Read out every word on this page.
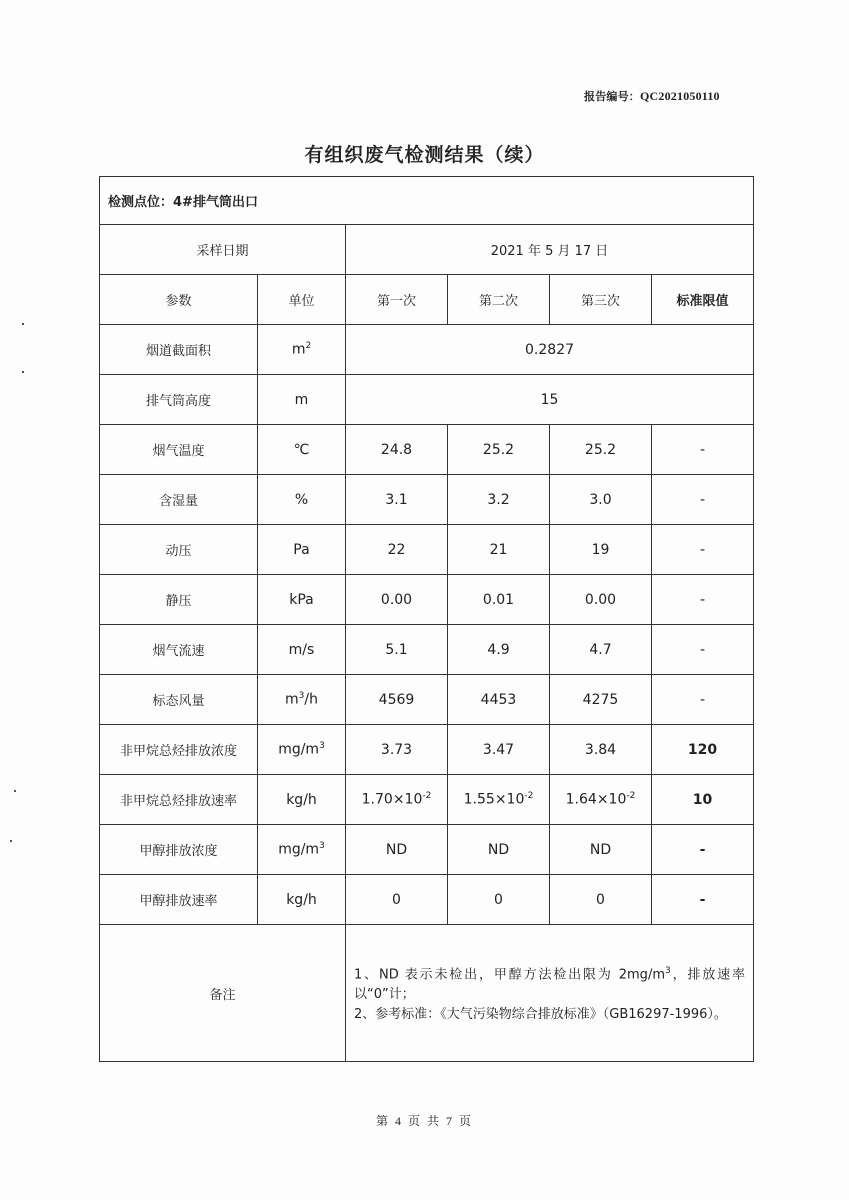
报告编号：QC2021050110
有组织废气检测结果（续）
检测点位：4#排气筒出口					
采样日期		2021 年 5 月 17 日			
参数	单位	第一次	第二次	第三次	标准限值
烟道截面积	$m^2$	0.2827			
排气筒高度	m	15			
烟气温度	℃	24.8	25.2	25.2	-
含湿量	%	3.1	3.2	3.0	-
动压	Pa	22	21	19	-
静压	kPa	0.00	0.01	0.00	-
烟气流速	m/s	5.1	4.9	4.7	-
标态风量	$m^3/h$	4569	4453	4275	-
非甲烷总烃排放浓度	$mg/m^3$	3.73	3.47	3.84	120
非甲烷总烃排放速率	kg/h	$1.70\times 10^{-2}$	$1.55\times 10^{-2}$	$1.64\times 10^{-2}$	10
甲醇排放浓度	$mg/m^3$	ND	ND	ND	-
甲醇排放速率	kg/h	0	0	0	-
备注		1、ND 表示未检出，甲醇方法检出限为 $2mg/m^3$，排放速率以“0”计；
2、参考标准：《大气污染物综合排放标准》（GB16297-1996）。			
第 4 页 共 7 页
